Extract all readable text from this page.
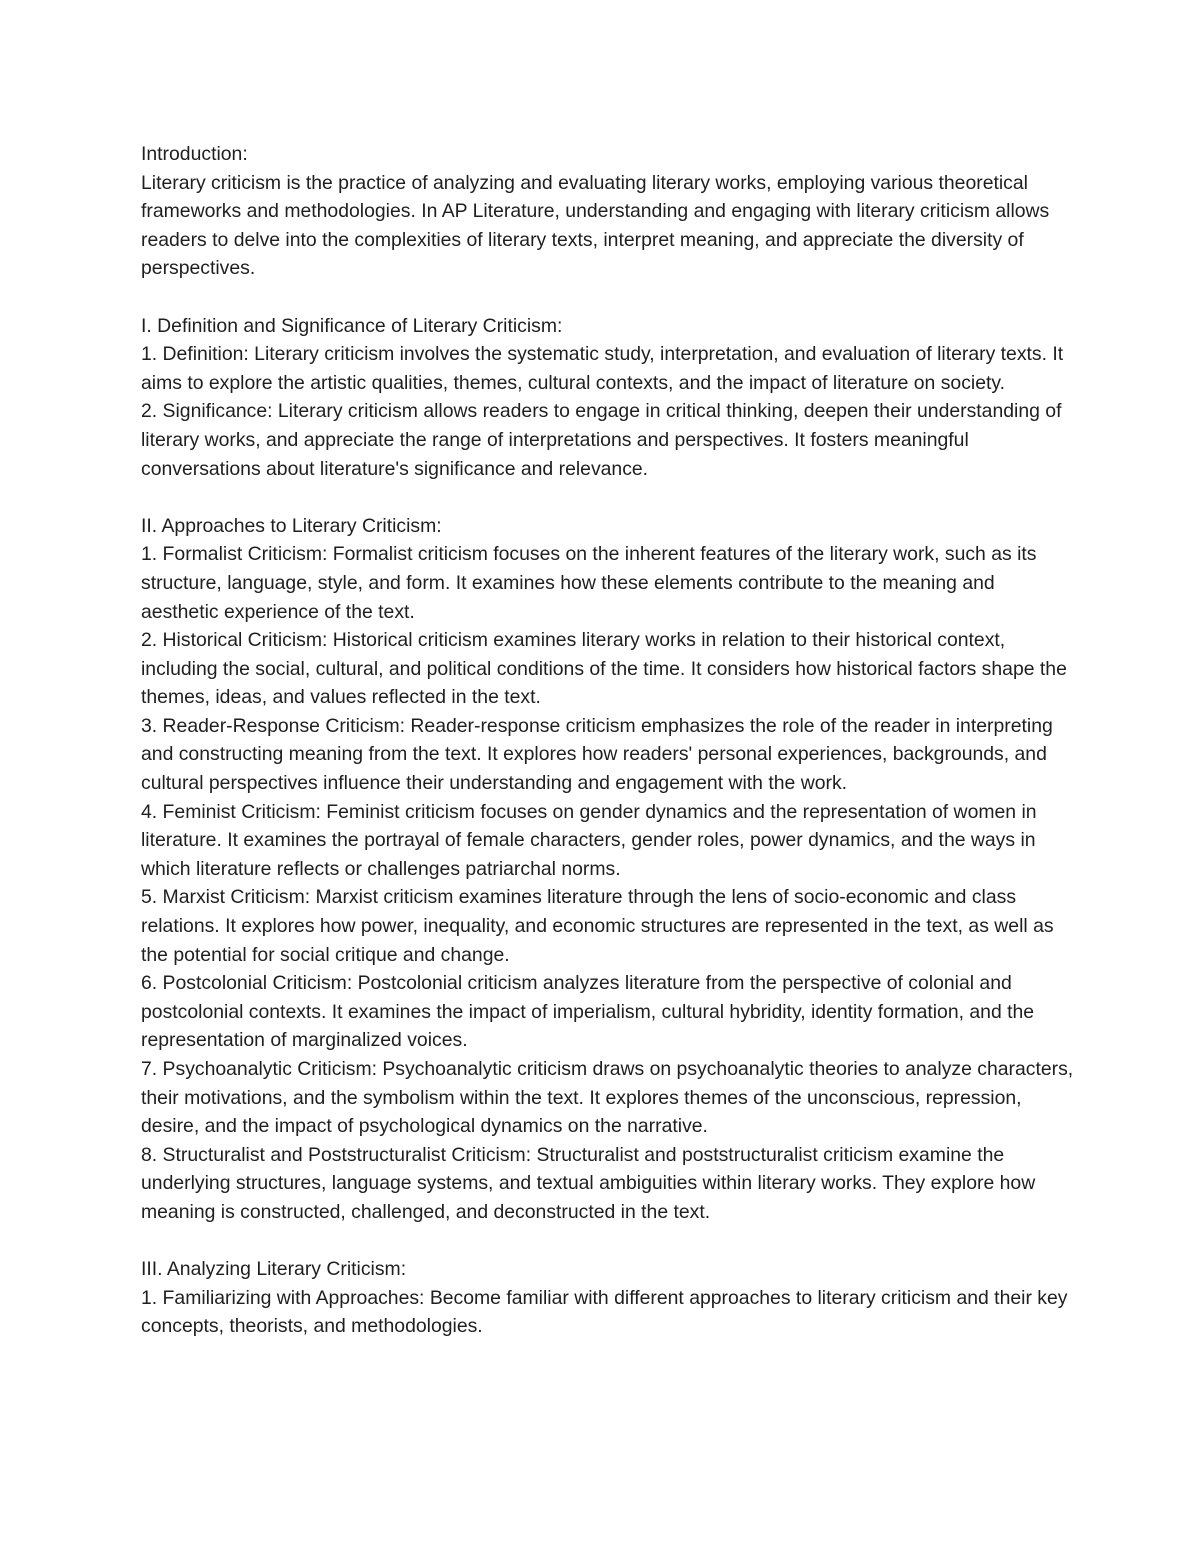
Introduction:

Literary criticism is the practice of analyzing and evaluating literary works, employing various theoretical frameworks and methodologies. In AP Literature, understanding and engaging with literary criticism allows readers to delve into the complexities of literary texts, interpret meaning, and appreciate the diversity of perspectives.

I. Definition and Significance of Literary Criticism:

1. Definition: Literary criticism involves the systematic study, interpretation, and evaluation of literary texts. It aims to explore the artistic qualities, themes, cultural contexts, and the impact of literature on society.

2. Significance: Literary criticism allows readers to engage in critical thinking, deepen their understanding of literary works, and appreciate the range of interpretations and perspectives. It fosters meaningful conversations about literature's significance and relevance.

II. Approaches to Literary Criticism:

1. Formalist Criticism: Formalist criticism focuses on the inherent features of the literary work, such as its structure, language, style, and form. It examines how these elements contribute to the meaning and aesthetic experience of the text.

2. Historical Criticism: Historical criticism examines literary works in relation to their historical context, including the social, cultural, and political conditions of the time. It considers how historical factors shape the themes, ideas, and values reflected in the text.

3. Reader-Response Criticism: Reader-response criticism emphasizes the role of the reader in interpreting and constructing meaning from the text. It explores how readers' personal experiences, backgrounds, and cultural perspectives influence their understanding and engagement with the work.

4. Feminist Criticism: Feminist criticism focuses on gender dynamics and the representation of women in literature. It examines the portrayal of female characters, gender roles, power dynamics, and the ways in which literature reflects or challenges patriarchal norms.

5. Marxist Criticism: Marxist criticism examines literature through the lens of socio-economic and class relations. It explores how power, inequality, and economic structures are represented in the text, as well as the potential for social critique and change.

6. Postcolonial Criticism: Postcolonial criticism analyzes literature from the perspective of colonial and postcolonial contexts. It examines the impact of imperialism, cultural hybridity, identity formation, and the representation of marginalized voices.

7. Psychoanalytic Criticism: Psychoanalytic criticism draws on psychoanalytic theories to analyze characters, their motivations, and the symbolism within the text. It explores themes of the unconscious, repression, desire, and the impact of psychological dynamics on the narrative.

8. Structuralist and Poststructuralist Criticism: Structuralist and poststructuralist criticism examine the underlying structures, language systems, and textual ambiguities within literary works. They explore how meaning is constructed, challenged, and deconstructed in the text.

III. Analyzing Literary Criticism:

1. Familiarizing with Approaches: Become familiar with different approaches to literary criticism and their key concepts, theorists, and methodologies.
